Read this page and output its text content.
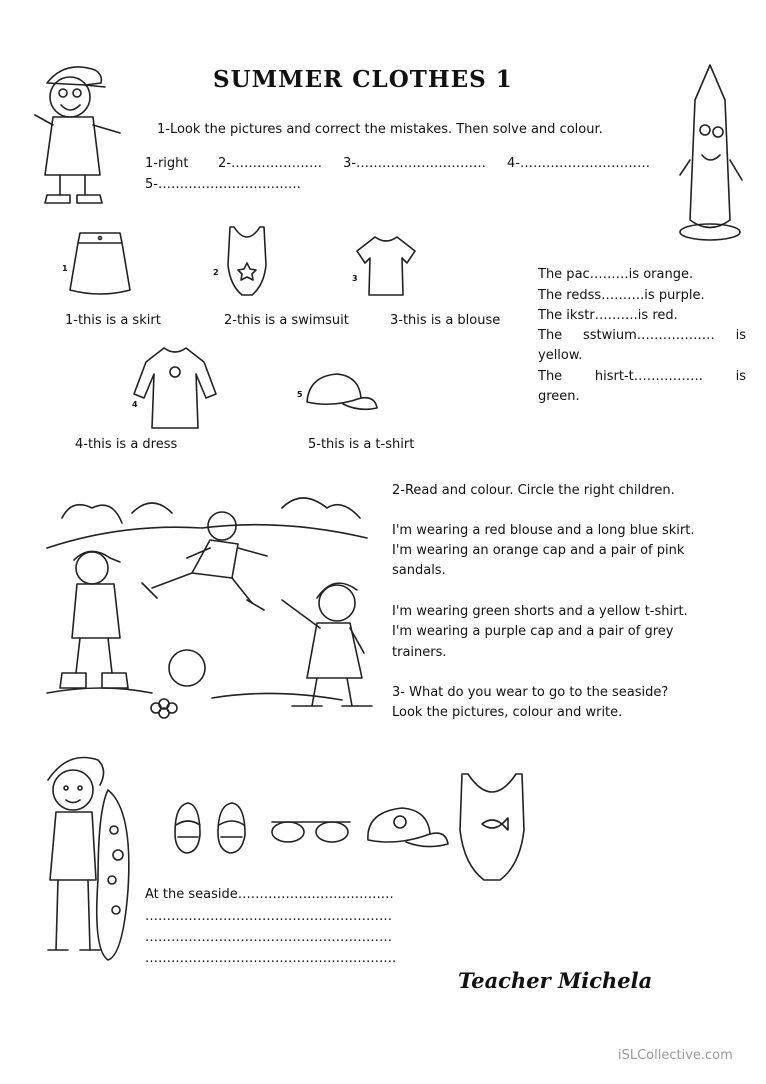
SUMMER CLOTHES 1
1-Look the pictures and correct the mistakes. Then solve and colour.
1-right 2-………………… 3-………………………… 4-…………………………
5-……………………………
1	2
3
1-this is a skirt	2-this is a swimsuit	3-this is a blouse
4
5
4-this is a dress	5-this is a t-shirt
The pac………is orange.
The redss……….is purple.
The ikstr……….is red.
The sstwium……………… is
yellow.
The	hisrt-t…………….	is
green.
2-Read and colour. Circle the right children.
I'm wearing a red blouse and a long blue skirt.
I'm wearing an orange cap and a pair of pink
sandals.
I'm wearing green shorts and a yellow t-shirt.
I'm wearing a purple cap and a pair of grey
trainers.
3- What do you wear to go to the seaside?
Look the pictures, colour and write.
At the seaside………………………………
…………………………………………………
…………………………………………………
………………………………………………….
Teacher Michela
iSLCollective.com
